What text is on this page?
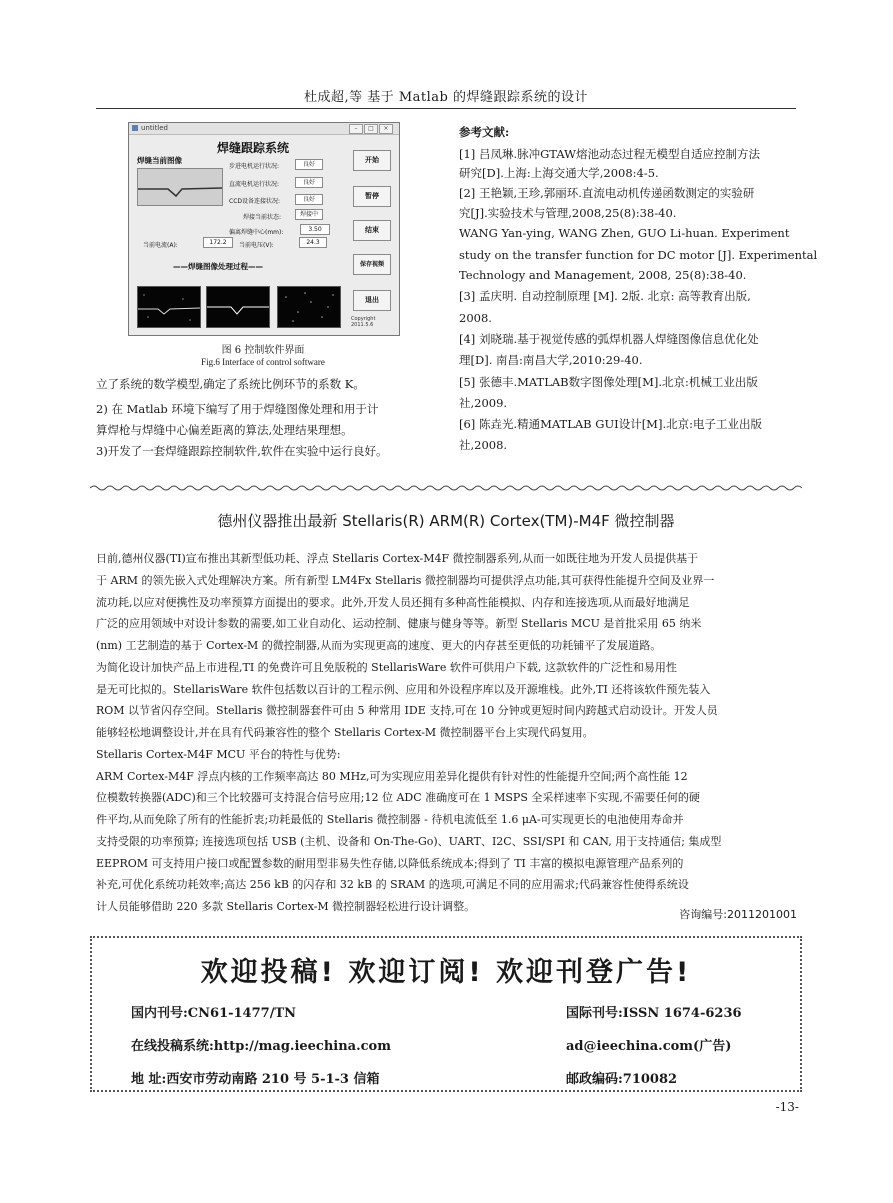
杜成超,等 基于 Matlab 的焊缝跟踪系统的设计
untitled	–	□	×
焊缝跟踪系统
焊缝当前图像
步进电机运行状况:	良好
直流电机运行状况:	良好
CCD设备连接状况:	良好
焊接当前状态:	焊接中
偏离焊缝中心(mm):	3.50
当前电流(A):	172.2	当前电压(V):	24.3
——焊缝图像处理过程——
开始
暂停
结束
保存视频
退出
Copyright
2011.5.6
图 6 控制软件界面
Fig.6 Interface of control software
立了系统的数学模型,确定了系统比例环节的系数 K。
2) 在 Matlab 环境下编写了用于焊缝图像处理和用于计
算焊枪与焊缝中心偏差距离的算法,处理结果理想。
3)开发了一套焊缝跟踪控制软件,软件在实验中运行良好。
参考文献:
[1] 吕凤琳.脉冲GTAW熔池动态过程无模型自适应控制方法
研究[D].上海:上海交通大学,2008:4-5.
[2] 王艳颖,王珍,郭丽环.直流电动机传递函数测定的实验研
究[J].实验技术与管理,2008,25(8):38-40.
WANG Yan-ying, WANG Zhen, GUO Li-huan. Experiment
study on the transfer function for DC motor [J]. Experimental
Technology and Management, 2008, 25(8):38-40.
[3] 孟庆明. 自动控制原理 [M]. 2版. 北京: 高等教育出版,
2008.
[4] 刘晓瑞.基于视觉传感的弧焊机器人焊缝图像信息优化处
理[D]. 南昌:南昌大学,2010:29-40.
[5] 张德丰.MATLAB数字图像处理[M].北京:机械工业出版
社,2009.
[6] 陈垚光.精通MATLAB GUI设计[M].北京:电子工业出版
社,2008.
德州仪器推出最新 Stellaris(R) ARM(R) Cortex(TM)-M4F 微控制器
日前,德州仪器(TI)宣布推出其新型低功耗、浮点 Stellaris Cortex-M4F 微控制器系列,从而一如既往地为开发人员提供基于
于 ARM 的领先嵌入式处理解决方案。所有新型 LM4Fx Stellaris 微控制器均可提供浮点功能,其可获得性能提升空间及业界一
流功耗,以应对便携性及功率预算方面提出的要求。此外,开发人员还拥有多种高性能模拟、内存和连接选项,从而最好地满足
广泛的应用领域中对设计参数的需要,如工业自动化、运动控制、健康与健身等等。新型 Stellaris MCU 是首批采用 65 纳米
(nm) 工艺制造的基于 Cortex-M 的微控制器,从而为实现更高的速度、更大的内存甚至更低的功耗铺平了发展道路。
为简化设计加快产品上市进程,TI 的免费许可且免版税的 StellarisWare 软件可供用户下载, 这款软件的广泛性和易用性
是无可比拟的。StellarisWare 软件包括数以百计的工程示例、应用和外设程序库以及开源堆栈。此外,TI 还将该软件预先装入
ROM 以节省闪存空间。Stellaris 微控制器套件可由 5 种常用 IDE 支持,可在 10 分钟或更短时间内跨越式启动设计。开发人员
能够轻松地调整设计,并在具有代码兼容性的整个 Stellaris Cortex-M 微控制器平台上实现代码复用。
Stellaris Cortex-M4F MCU 平台的特性与优势:
ARM Cortex-M4F 浮点内核的工作频率高达 80 MHz,可为实现应用差异化提供有针对性的性能提升空间;两个高性能 12
位模数转换器(ADC)和三个比较器可支持混合信号应用;12 位 ADC 准确度可在 1 MSPS 全采样速率下实现,不需要任何的硬
件平均,从而免除了所有的性能折衷;功耗最低的 Stellaris 微控制器 - 待机电流低至 1.6 μA-可实现更长的电池使用寿命并
支持受限的功率预算; 连接选项包括 USB (主机、设备和 On-The-Go)、UART、I2C、SSI/SPI 和 CAN, 用于支持通信; 集成型
EEPROM 可支持用户接口或配置参数的耐用型非易失性存储,以降低系统成本;得到了 TI 丰富的模拟电源管理产品系列的
补充,可优化系统功耗效率;高达 256 kB 的闪存和 32 kB 的 SRAM 的选项,可满足不同的应用需求;代码兼容性使得系统设
计人员能够借助 220 多款 Stellaris Cortex-M 微控制器轻松进行设计调整。
咨询编号:2011201001
欢迎投稿! 欢迎订阅! 欢迎刊登广告!
国内刊号:CN61-1477/TN	国际刊号:ISSN 1674-6236
在线投稿系统:http://mag.ieechina.com	ad@ieechina.com(广告)
地 址:西安市劳动南路 210 号 5-1-3 信箱	邮政编码:710082
-13-
